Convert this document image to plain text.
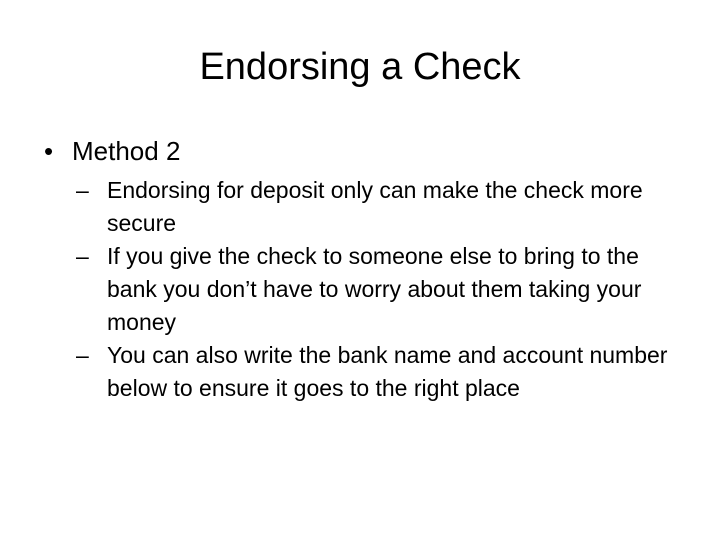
Endorsing a Check
• Method 2
– Endorsing for deposit only can make the check more secure
– If you give the check to someone else to bring to the bank you don’t have to worry about them taking your money
– You can also write the bank name and account number below to ensure it goes to the right place
